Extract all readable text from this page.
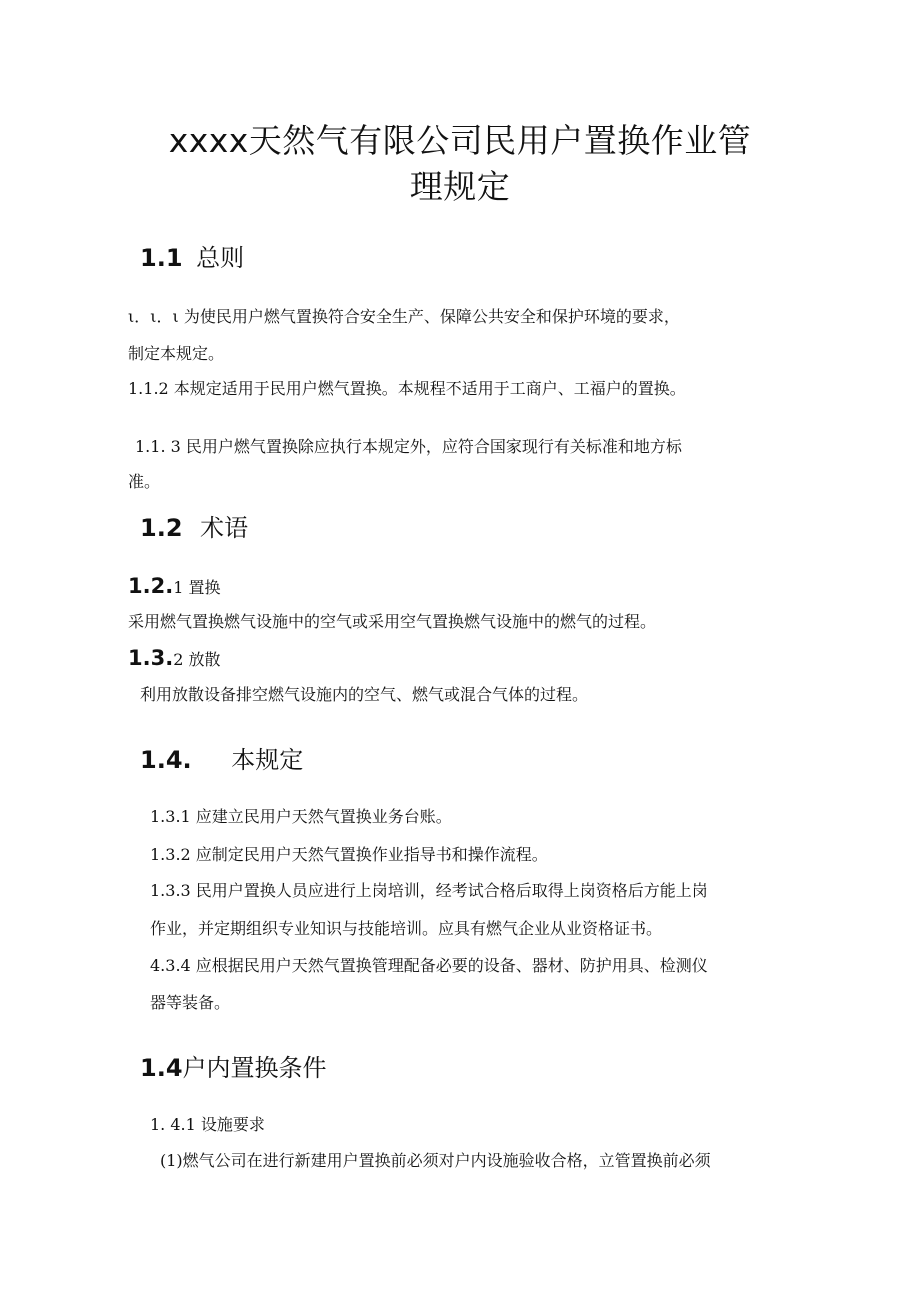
xxxx天然气有限公司民用户置换作业管
理规定
1.1 总则

ι．ι．ι 为使民用户燃气置换符合安全生产、保障公共安全和保护环境的要求，

制定本规定。

1.1.2 本规定适用于民用户燃气置换。本规程不适用于工商户、工福户的置换。

1.1. 3 民用户燃气置换除应执行本规定外，应符合国家现行有关标准和地方标

准。

1.2 术语
1.2.1 置换

采用燃气置换燃气设施中的空气或采用空气置换燃气设施中的燃气的过程。

1.3.2 放散

利用放散设备排空燃气设施内的空气、燃气或混合气体的过程。

1.4. 本规定

1.3.1 应建立民用户天然气置换业务台账。

1.3.2 应制定民用户天然气置换作业指导书和操作流程。

1.3.3 民用户置换人员应进行上岗培训，经考试合格后取得上岗资格后方能上岗

作业，并定期组织专业知识与技能培训。应具有燃气企业从业资格证书。

4.3.4 应根据民用户天然气置换管理配备必要的设备、器材、防护用具、检测仪

器等装备。

1.4户内置换条件

1. 4.1 设施要求

(1)燃气公司在进行新建用户置换前必须对户内设施验收合格，立管置换前必须
